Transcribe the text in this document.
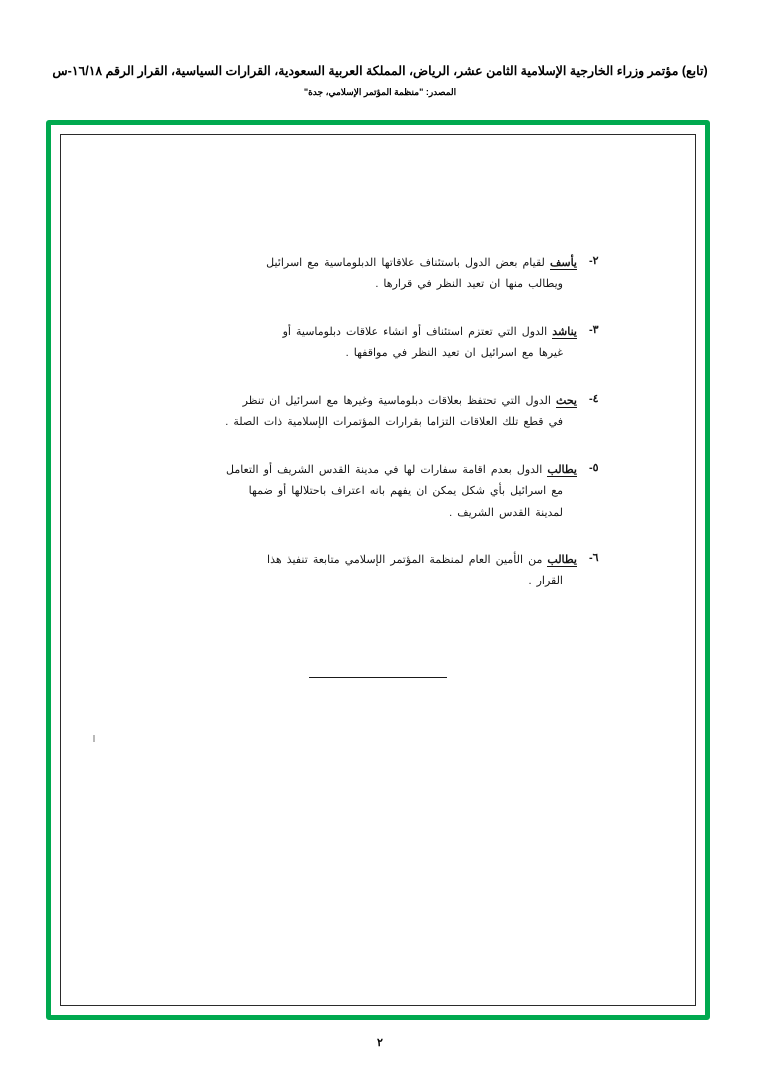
(تابع) مؤتمر وزراء الخارجية الإسلامية الثامن عشر، الرياض، المملكة العربية السعودية، القرارات السياسية، القرار الرقم ١٦/١٨-س
المصدر: "منظمة المؤتمر الإسلامي، جدة"
٢-
يأسف لقيام بعض الدول باستئناف علاقاتها الدبلوماسية مع اسرائيل
ويطالب منها ان تعيد النظر في قرارها .
٣-
يناشد الدول التي تعتزم استئناف أو انشاء علاقات دبلوماسية أو
غيرها مع اسرائيل ان تعيد النظر في مواقفها .
٤-
يحث الدول التي تحتفظ بعلاقات دبلوماسية وغيرها مع اسرائيل ان تنظر
في قطع تلك العلاقات التزاما بقرارات المؤتمرات الإسلامية ذات الصلة .
٥-
يطالب الدول بعدم اقامة سفارات لها في مدينة القدس الشريف أو التعامل
مع اسرائيل بأي شكل يمكن ان يفهم بانه اعتراف باحتلالها أو ضمها
لمدينة القدس الشريف .
٦-
يطالب من الأمين العام لمنظمة المؤتمر الإسلامي متابعة تنفيذ هذا
القرار .
٢
